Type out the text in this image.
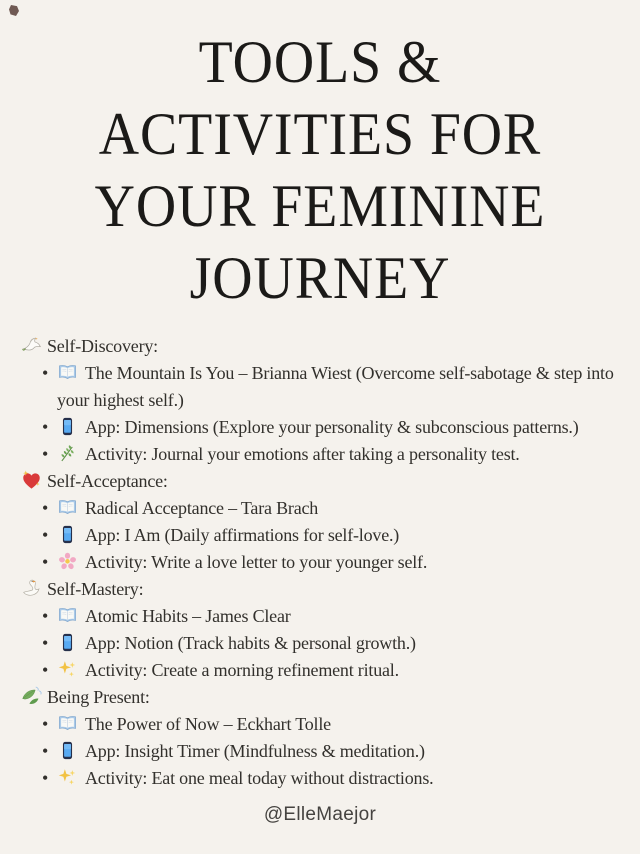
TOOLS &
ACTIVITIES FOR
YOUR FEMININE
JOURNEY
Self-Discovery:
• The Mountain Is You – Brianna Wiest (Overcome self-sabotage & step into your highest self.)
• App: Dimensions (Explore your personality & subconscious patterns.)
• Activity: Journal your emotions after taking a personality test.
Self-Acceptance:
• Radical Acceptance – Tara Brach
• App: I Am (Daily affirmations for self-love.)
• Activity: Write a love letter to your younger self.
Self-Mastery:
• Atomic Habits – James Clear
• App: Notion (Track habits & personal growth.)
• Activity: Create a morning refinement ritual.
Being Present:
• The Power of Now – Eckhart Tolle
• App: Insight Timer (Mindfulness & meditation.)
• Activity: Eat one meal today without distractions.
@ElleMaejor
